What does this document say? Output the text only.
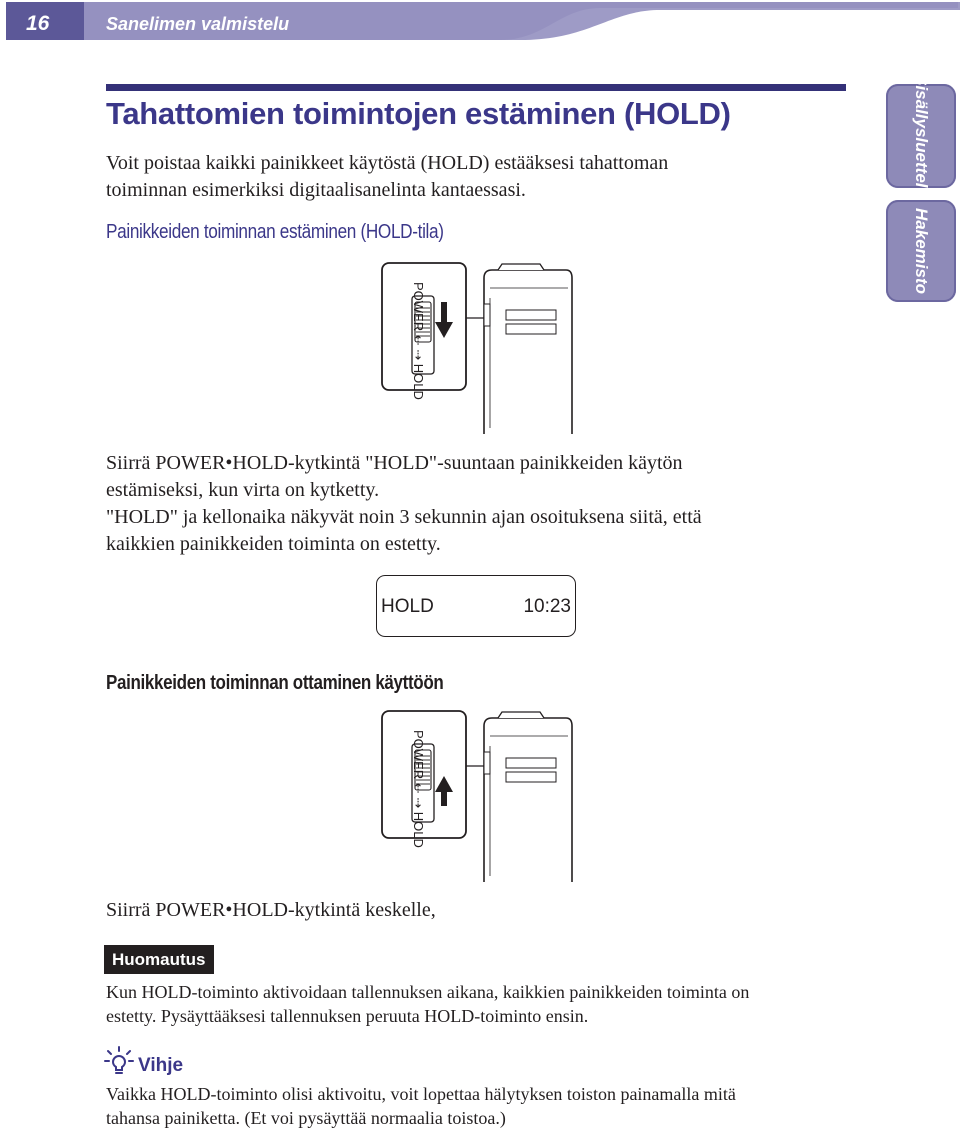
16	Sanelimen valmistelu
Sisällysluettelo
Hakemisto
Tahattomien toimintojen estäminen (HOLD)

Voit poistaa kaikki painikkeet käytöstä (HOLD) estääksesi tahattoman
toiminnan esimerkiksi digitaalisanelinta kantaessasi.

Painikkeiden toiminnan estäminen (HOLD-tila)
POWER ⇠ ⇢ HOLD

Siirrä POWER•HOLD-kytkintä "HOLD"-suuntaan painikkeiden käytön
estämiseksi, kun virta on kytketty.
"HOLD" ja kellonaika näkyvät noin 3 sekunnin ajan osoituksena siitä, että
kaikkien painikkeiden toiminta on estetty.

HOLD	10:23
Painikkeiden toiminnan ottaminen käyttöön
POWER ⇠ ⇢ HOLD

Siirrä POWER•HOLD-kytkintä keskelle,

Huomautus

Kun HOLD-toiminto aktivoidaan tallennuksen aikana, kaikkien painikkeiden toiminta on
estetty. Pysäyttääksesi tallennuksen peruuta HOLD-toiminto ensin.

Vihje

Vaikka HOLD-toiminto olisi aktivoitu, voit lopettaa hälytyksen toiston painamalla mitä
tahansa painiketta. (Et voi pysäyttää normaalia toistoa.)
